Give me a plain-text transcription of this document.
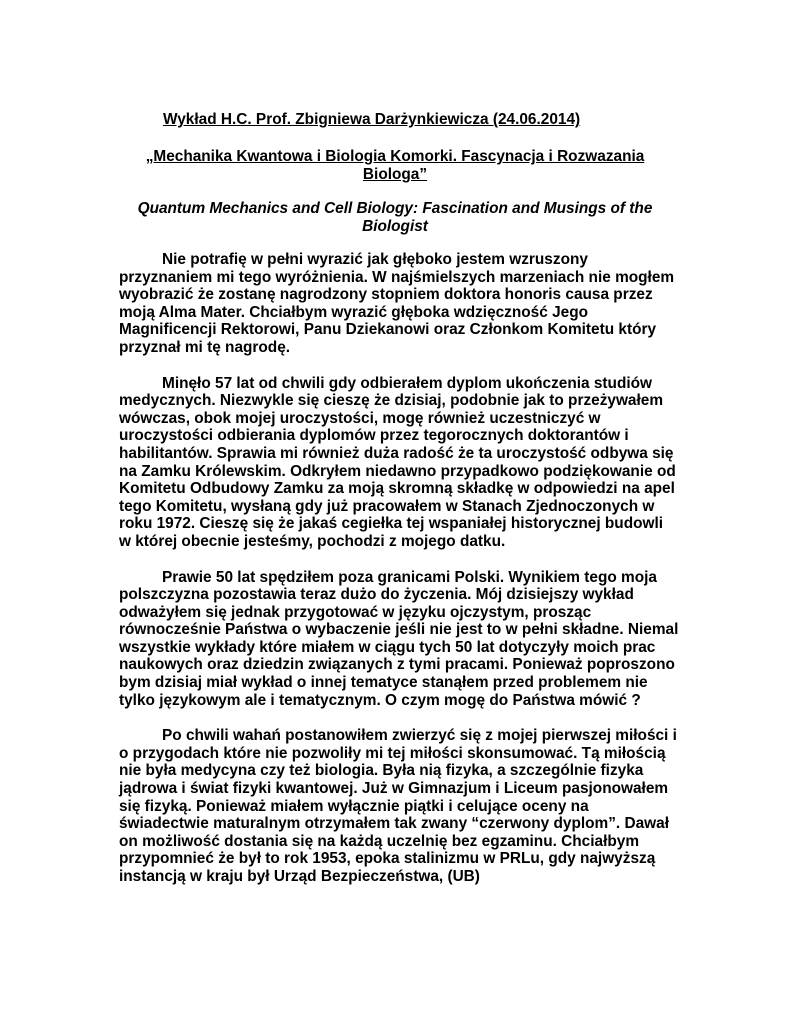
Wykład H.C. Prof. Zbigniewa Darżynkiewicza (24.06.2014)
„Mechanika Kwantowa i Biologia Komorki. Fascynacja i Rozwazania Biologa”
Quantum Mechanics and Cell Biology: Fascination and Musings of the Biologist

Nie potrafię w pełni wyrazić jak głęboko jestem wzruszony przyznaniem mi tego wyróżnienia. W najśmielszych marzeniach nie mogłem wyobrazić że zostanę nagrodzony stopniem doktora honoris causa przez moją Alma Mater. Chciałbym wyrazić głęboka wdzięczność Jego Magnificencji Rektorowi, Panu Dziekanowi oraz Członkom Komitetu który przyznał mi tę nagrodę.

Minęło 57 lat od chwili gdy odbierałem dyplom ukończenia studiów medycznych. Niezwykle się cieszę że dzisiaj, podobnie jak to przeżywałem wówczas, obok mojej uroczystości, mogę również uczestniczyć w uroczystości odbierania dyplomów przez tegorocznych doktorantów i habilitantów. Sprawia mi również duża radość że ta uroczystość odbywa się na Zamku Królewskim. Odkryłem niedawno przypadkowo podziękowanie od Komitetu Odbudowy Zamku za moją skromną składkę w odpowiedzi na apel tego Komitetu, wysłaną gdy już pracowałem w Stanach Zjednoczonych w roku 1972. Cieszę się że jakaś cegiełka tej wspaniałej historycznej budowli w której obecnie jesteśmy, pochodzi z mojego datku.

Prawie 50 lat spędziłem poza granicami Polski. Wynikiem tego moja polszczyzna pozostawia teraz dużo do życzenia. Mój dzisiejszy wykład odważyłem się jednak przygotować w języku ojczystym, prosząc równocześnie Państwa o wybaczenie jeśli nie jest to w pełni składne. Niemal wszystkie wykłady które miałem w ciągu tych 50 lat dotyczyły moich prac naukowych oraz dziedzin związanych z tymi pracami. Ponieważ poproszono bym dzisiaj miał wykład o innej tematyce stanąłem przed problemem nie tylko językowym ale i tematycznym. O czym mogę do Państwa mówić ?

Po chwili wahań postanowiłem zwierzyć się z mojej pierwszej miłości i o przygodach które nie pozwoliły mi tej miłości skonsumować. Tą miłością nie była medycyna czy też biologia. Była nią fizyka, a szczególnie fizyka jądrowa i świat fizyki kwantowej. Już w Gimnazjum i Liceum pasjonowałem się fizyką. Ponieważ miałem wyłącznie piątki i celujące oceny na świadectwie maturalnym otrzymałem tak zwany “czerwony dyplom”. Dawał on możliwość dostania się na każdą uczelnię bez egzaminu. Chciałbym przypomnieć że był to rok 1953, epoka stalinizmu w PRLu, gdy najwyższą instancją w kraju był Urząd Bezpieczeństwa, (UB)
